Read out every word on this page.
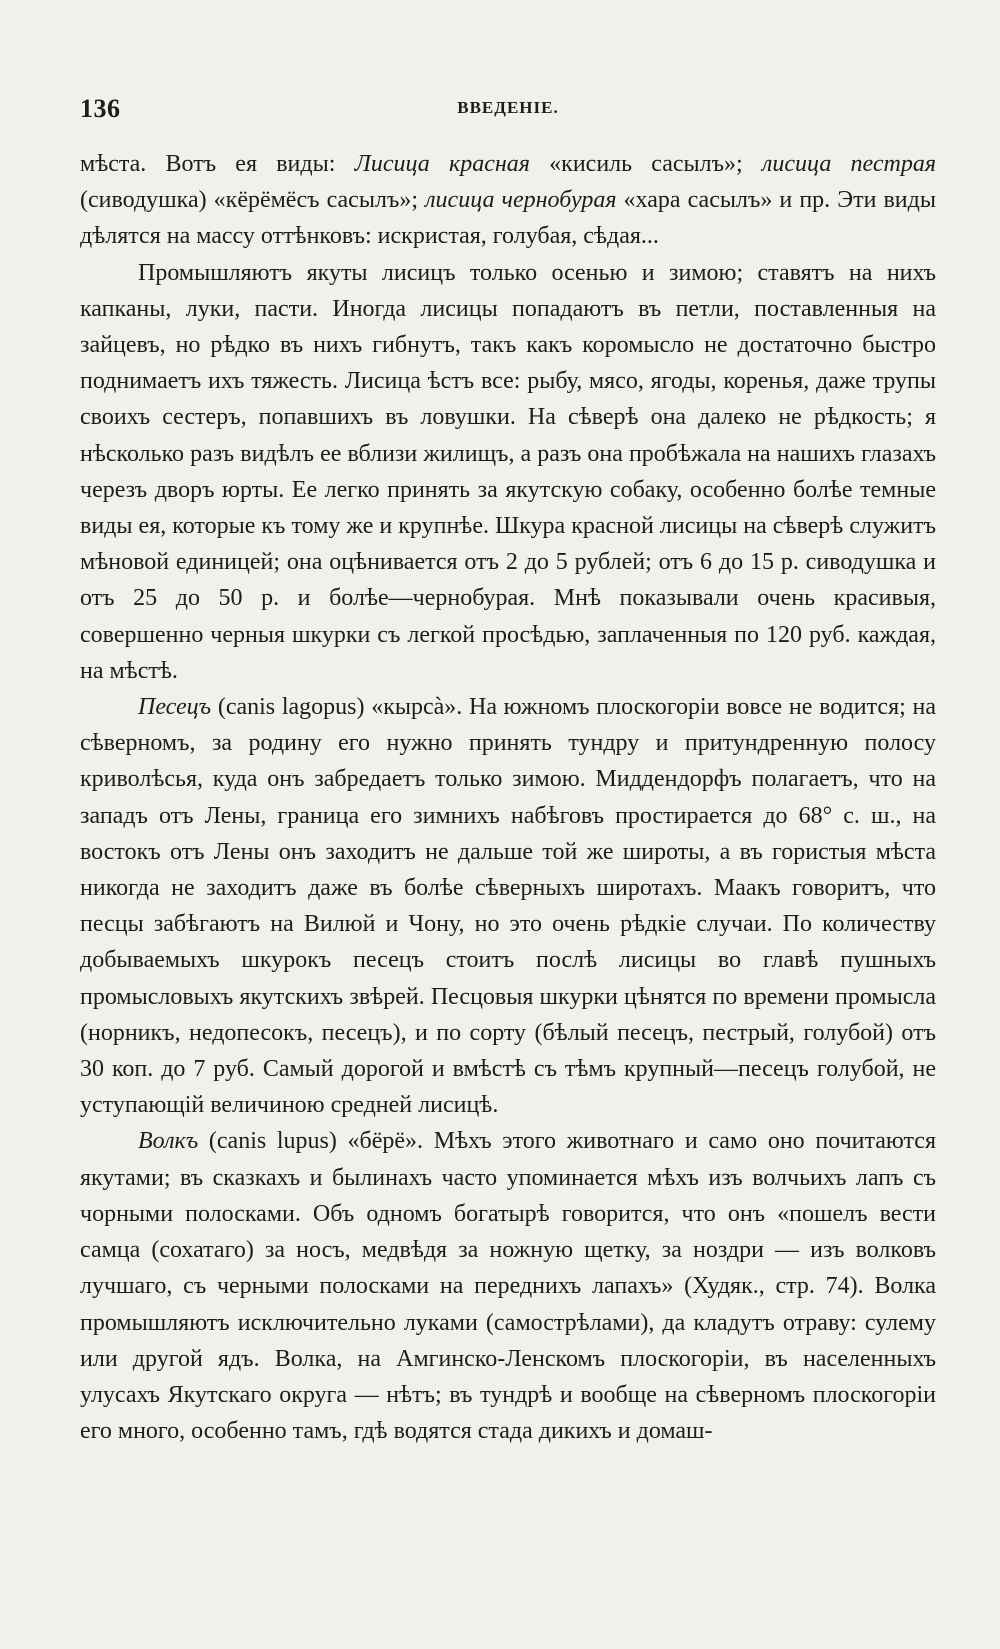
136	ВВЕДЕНІЕ.

мѣста. Вотъ ея виды: Лисица красная «кисиль сасылъ»; лисица пестрая (сиводушка) «кёрёмёсъ сасылъ»; лисица чернобурая «хара сасылъ» и пр. Эти виды дѣлятся на массу оттѣнковъ: искристая, голубая, сѣдая...

Промышляютъ якуты лисицъ только осенью и зимою; ставятъ на нихъ капканы, луки, пасти. Иногда лисицы попадаютъ въ петли, поставленныя на зайцевъ, но рѣдко въ нихъ гибнутъ, такъ какъ коромысло не достаточно быстро поднимаетъ ихъ тяжесть. Лисица ѣстъ все: рыбу, мясо, ягоды, коренья, даже трупы своихъ сестеръ, попавшихъ въ ловушки. На сѣверѣ она далеко не рѣдкость; я нѣсколько разъ видѣлъ ее вблизи жилищъ, а разъ она пробѣжала на нашихъ глазахъ черезъ дворъ юрты. Ее легко принять за якутскую собаку, особенно болѣе темные виды ея, которые къ тому же и крупнѣе. Шкура красной лисицы на сѣверѣ служитъ мѣновой единицей; она оцѣнивается отъ 2 до 5 рублей; отъ 6 до 15 р. сиводушка и отъ 25 до 50 р. и болѣе—чернобурая. Мнѣ показывали очень красивыя, совершенно черныя шкурки съ легкой просѣдью, заплаченныя по 120 руб. каждая, на мѣстѣ.

Песецъ (canis lagopus) «кырсà». На южномъ плоскогоріи вовсе не водится; на сѣверномъ, за родину его нужно принять тундру и притундренную полосу криволѣсья, куда онъ забредаетъ только зимою. Миддендорфъ полагаетъ, что на западъ отъ Лены, граница его зимнихъ набѣговъ простирается до 68° с. ш., на востокъ отъ Лены онъ заходитъ не дальше той же широты, а въ гористыя мѣста никогда не заходитъ даже въ болѣе сѣверныхъ широтахъ. Маакъ говоритъ, что песцы забѣгаютъ на Вилюй и Чону, но это очень рѣдкіе случаи. По количеству добываемыхъ шкурокъ песецъ стоитъ послѣ лисицы во главѣ пушныхъ промысловыхъ якутскихъ звѣрей. Песцовыя шкурки цѣнятся по времени промысла (норникъ, недопесокъ, песецъ), и по сорту (бѣлый песецъ, пестрый, голубой) отъ 30 коп. до 7 руб. Самый дорогой и вмѣстѣ съ тѣмъ крупный—песецъ голубой, не уступающій величиною средней лисицѣ.

Волкъ (canis lupus) «бёрё». Мѣхъ этого животнаго и само оно почитаются якутами; въ сказкахъ и былинахъ часто упоминается мѣхъ изъ волчьихъ лапъ съ чорными полосками. Объ одномъ богатырѣ говорится, что онъ «пошелъ вести самца (сохатаго) за носъ, медвѣдя за ножную щетку, за ноздри — изъ волковъ лучшаго, съ черными полосками на переднихъ лапахъ» (Худяк., стр. 74). Волка промышляютъ исключительно луками (самострѣлами), да кладутъ отраву: сулему или другой ядъ. Волка, на Амгинско-Ленскомъ плоскогоріи, въ населенныхъ улусахъ Якутскаго округа — нѣтъ; въ тундрѣ и вообще на сѣверномъ плоскогоріи его много, особенно тамъ, гдѣ водятся стада дикихъ и домаш-
